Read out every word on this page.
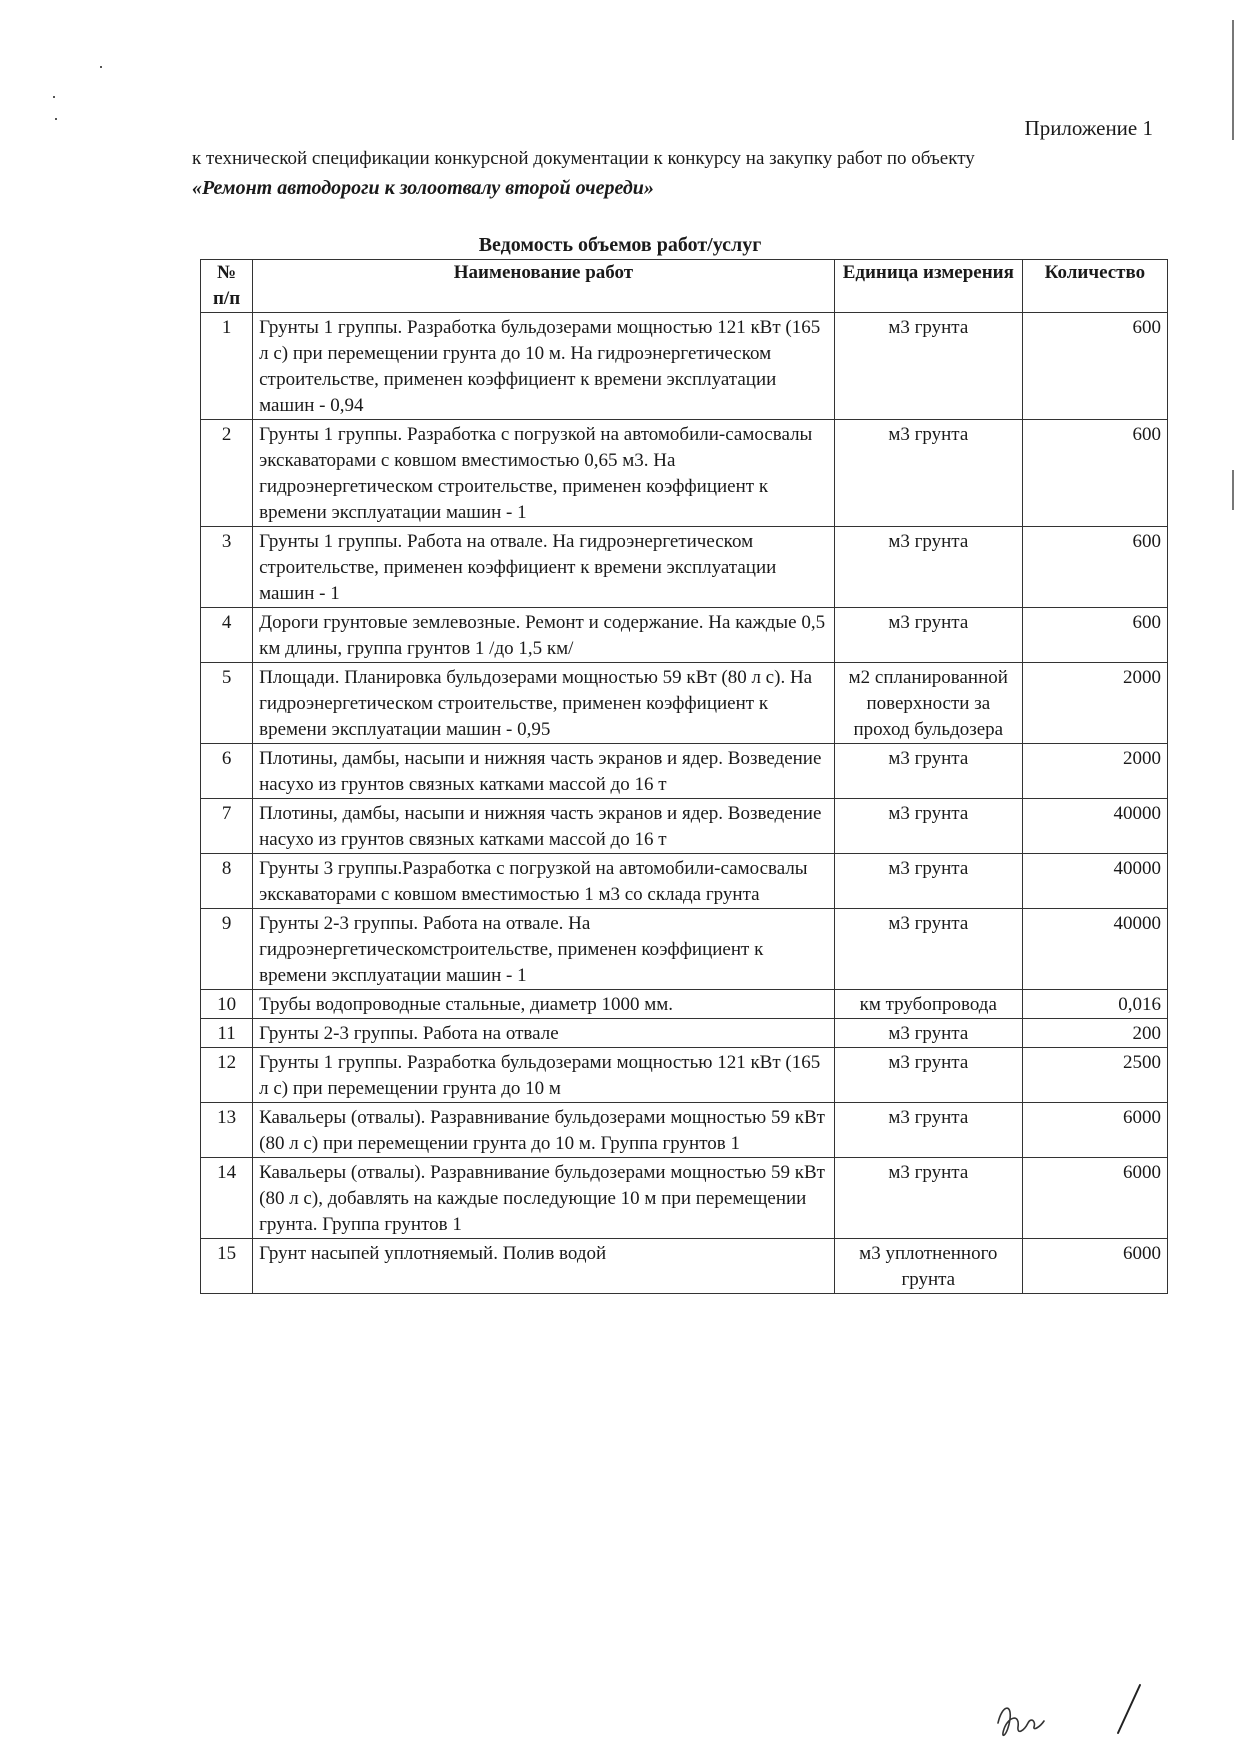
Приложение 1
к технической спецификации конкурсной документации к конкурсу на закупку работ по объекту
«Ремонт автодороги к золоотвалу второй очереди»
Ведомость объемов работ/услуг
№ п/п	Наименование работ	Единица измерения	Количество
1	Грунты 1 группы. Разработка бульдозерами мощностью 121 кВт (165 л с) при перемещении грунта до 10 м. На гидроэнергетическом строительстве, применен коэффициент к времени эксплуатации машин - 0,94	м3 грунта	600
2	Грунты 1 группы. Разработка с погрузкой на автомобили-самосвалы экскаваторами с ковшом вместимостью 0,65 м3. На гидроэнергетическом строительстве, применен коэффициент к времени эксплуатации машин - 1	м3 грунта	600
3	Грунты 1 группы. Работа на отвале. На гидроэнергетическом строительстве, применен коэффициент к времени эксплуатации машин - 1	м3 грунта	600
4	Дороги грунтовые землевозные. Ремонт и содержание. На каждые 0,5 км длины, группа грунтов 1 /до 1,5 км/	м3 грунта	600
5	Площади. Планировка бульдозерами мощностью 59 кВт (80 л с). На гидроэнергетическом строительстве, применен коэффициент к времени эксплуатации машин - 0,95	м2 спланированной поверхности за проход бульдозера	2000
6	Плотины, дамбы, насыпи и нижняя часть экранов и ядер. Возведение насухо из грунтов связных катками массой до 16 т	м3 грунта	2000
7	Плотины, дамбы, насыпи и нижняя часть экранов и ядер. Возведение насухо из грунтов связных катками массой до 16 т	м3 грунта	40000
8	Грунты 3 группы.Разработка с погрузкой на автомобили-самосвалы экскаваторами с ковшом вместимостью 1 м3 со склада грунта	м3 грунта	40000
9	Грунты 2-3 группы. Работа на отвале. На гидроэнергетическомстроительстве, применен коэффициент к времени эксплуатации машин - 1	м3 грунта	40000
10	Трубы водопроводные стальные, диаметр 1000 мм.	км трубопровода	0,016
11	Грунты 2-3 группы. Работа на отвале	м3 грунта	200
12	Грунты 1 группы. Разработка бульдозерами мощностью 121 кВт (165 л с) при перемещении грунта до 10 м	м3 грунта	2500
13	Кавальеры (отвалы). Разравнивание бульдозерами мощностью 59 кВт (80 л с) при перемещении грунта до 10 м. Группа грунтов 1	м3 грунта	6000
14	Кавальеры (отвалы). Разравнивание бульдозерами мощностью 59 кВт (80 л с), добавлять на каждые последующие 10 м при перемещении грунта. Группа грунтов 1	м3 грунта	6000
15	Грунт насыпей уплотняемый. Полив водой	м3 уплотненного грунта	6000
